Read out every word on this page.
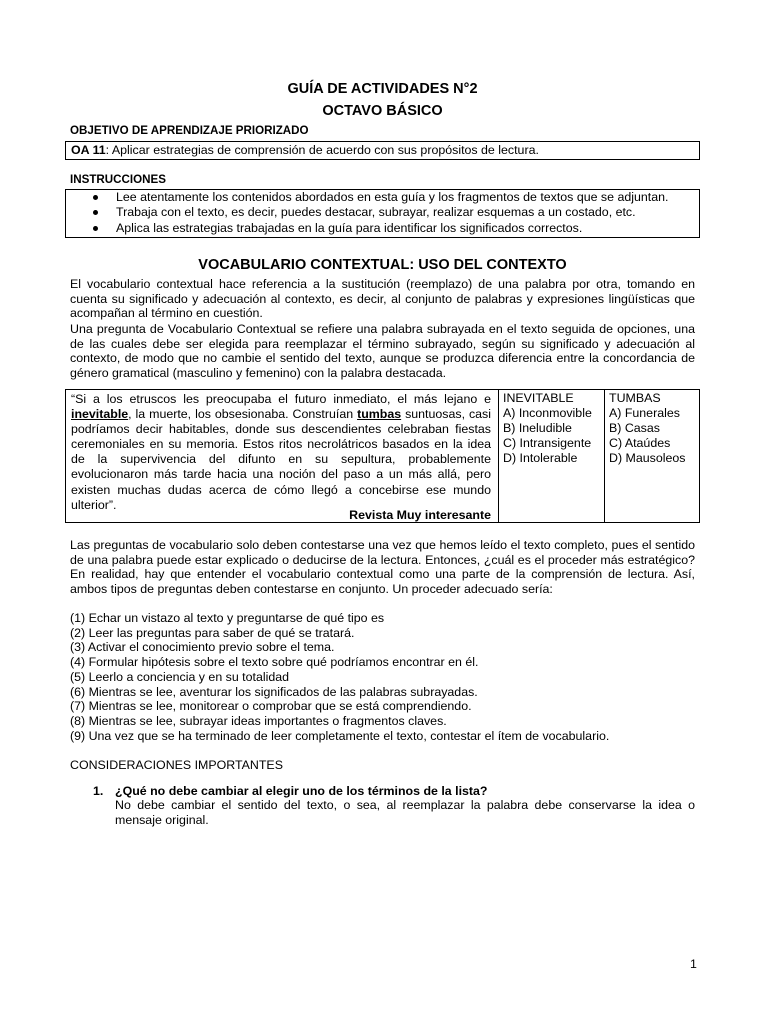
GUÍA DE ACTIVIDADES N°2
OCTAVO BÁSICO
OBJETIVO DE APRENDIZAJE PRIORIZADO
OA 11: Aplicar estrategias de comprensión de acuerdo con sus propósitos de lectura.
INSTRUCCIONES
Lee atentamente los contenidos abordados en esta guía y los fragmentos de textos que se adjuntan.
Trabaja con el texto, es decir, puedes destacar, subrayar, realizar esquemas a un costado, etc.
Aplica las estrategias trabajadas en la guía para identificar los significados correctos.
VOCABULARIO CONTEXTUAL: USO DEL CONTEXTO
El vocabulario contextual hace referencia a la sustitución (reemplazo) de una palabra por otra, tomando en cuenta su significado y adecuación al contexto, es decir, al conjunto de palabras y expresiones lingüísticas que acompañan al término en cuestión.
Una pregunta de Vocabulario Contextual se refiere una palabra subrayada en el texto seguida de opciones, una de las cuales debe ser elegida para reemplazar el término subrayado, según su significado y adecuación al contexto, de modo que no cambie el sentido del texto, aunque se produzca diferencia entre la concordancia de género gramatical (masculino y femenino) con la palabra destacada.
“Si a los etruscos les preocupaba el futuro inmediato, el más lejano e inevitable, la muerte, los obsesionaba. Construían tumbas suntuosas, casi podríamos decir habitables, donde sus descendientes celebraban fiestas ceremoniales en su memoria. Estos ritos necrolátricos basados en la idea de la supervivencia del difunto en su sepultura, probablemente evolucionaron más tarde hacia una noción del paso a un más allá, pero existen muchas dudas acerca de cómo llegó a concebirse ese mundo ulterior”.
Revista Muy interesante
INEVITABLE
A) Inconmovible
B) Ineludible
C) Intransigente
D) Intolerable
TUMBAS
A) Funerales
B) Casas
C) Ataúdes
D) Mausoleos
Las preguntas de vocabulario solo deben contestarse una vez que hemos leído el texto completo, pues el sentido de una palabra puede estar explicado o deducirse de la lectura. Entonces, ¿cuál es el proceder más estratégico? En realidad, hay que entender el vocabulario contextual como una parte de la comprensión de lectura. Así, ambos tipos de preguntas deben contestarse en conjunto. Un proceder adecuado sería:
(1) Echar un vistazo al texto y preguntarse de qué tipo es
(2) Leer las preguntas para saber de qué se tratará.
(3) Activar el conocimiento previo sobre el tema.
(4) Formular hipótesis sobre el texto sobre qué podríamos encontrar en él.
(5) Leerlo a conciencia y en su totalidad
(6) Mientras se lee, aventurar los significados de las palabras subrayadas.
(7) Mientras se lee, monitorear o comprobar que se está comprendiendo.
(8) Mientras se lee, subrayar ideas importantes o fragmentos claves.
(9) Una vez que se ha terminado de leer completamente el texto, contestar el ítem de vocabulario.
CONSIDERACIONES IMPORTANTES
1. ¿Qué no debe cambiar al elegir uno de los términos de la lista?
No debe cambiar el sentido del texto, o sea, al reemplazar la palabra debe conservarse la idea o mensaje original.
1
